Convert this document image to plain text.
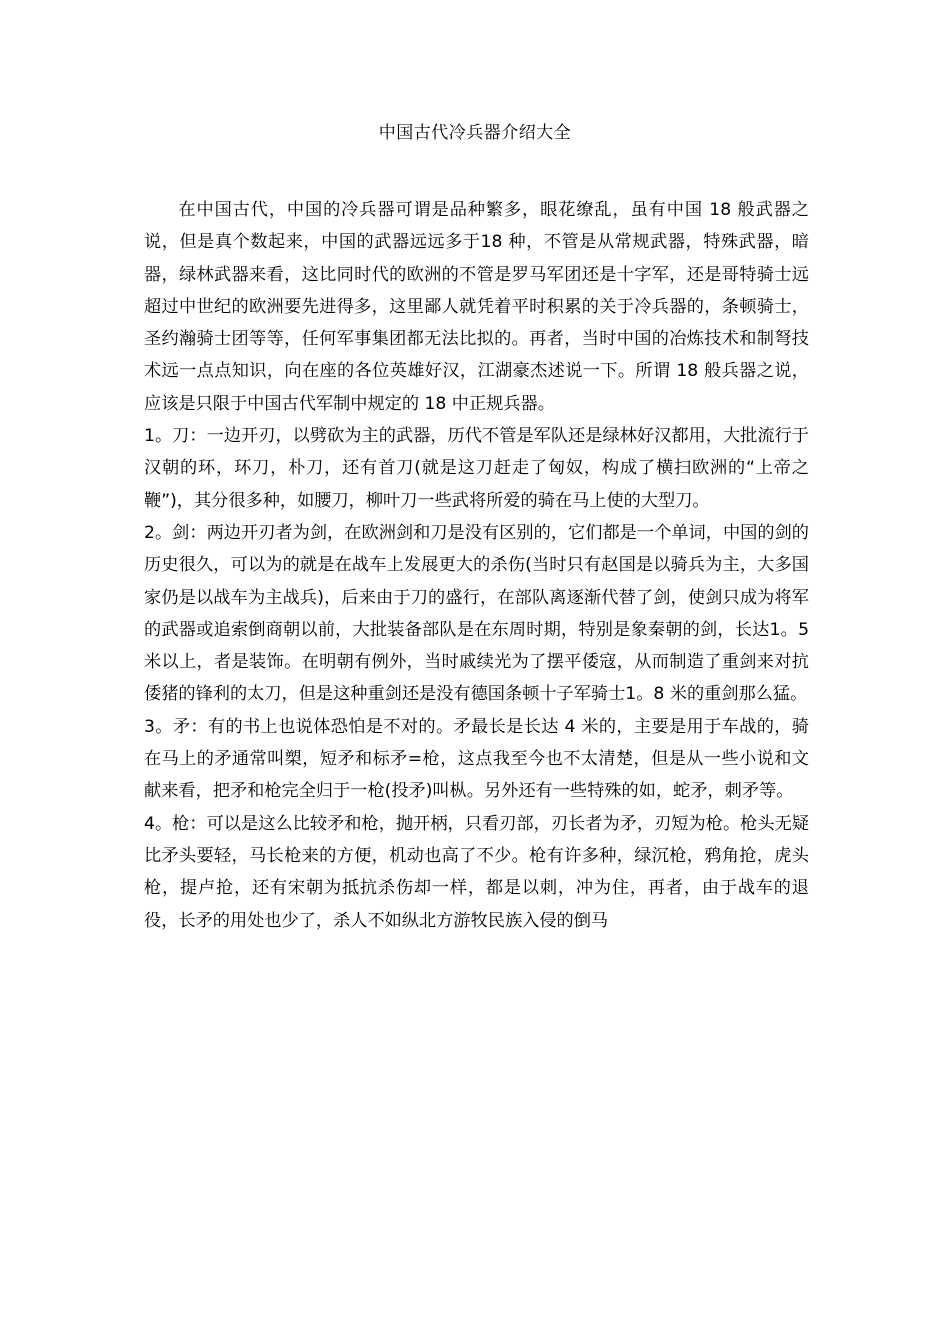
中国古代冷兵器介绍大全

在中国古代，中国的冷兵器可谓是品种繁多，眼花缭乱，虽有中国 18 般武器之说，但是真个数起来，中国的武器远远多于18 种，不管是从常规武器，特殊武器，暗器，绿林武器来看，这比同时代的欧洲的不管是罗马军团还是十字军，还是哥特骑士远超过中世纪的欧洲要先进得多，这里鄙人就凭着平时积累的关于冷兵器的，条顿骑士，圣约瀚骑士团等等，任何军事集团都无法比拟的。再者，当时中国的冶炼技术和制弩技术远一点点知识，向在座的各位英雄好汉，江湖豪杰述说一下。所谓 18 般兵器之说，应该是只限于中国古代军制中规定的 18 中正规兵器。

1。刀：一边开刃，以劈砍为主的武器，历代不管是军队还是绿林好汉都用，大批流行于汉朝的环，环刀，朴刀，还有首刀(就是这刀赶走了匈奴，构成了横扫欧洲的“上帝之鞭”)，其分很多种，如腰刀，柳叶刀一些武将所爱的骑在马上使的大型刀。

2。剑：两边开刃者为剑，在欧洲剑和刀是没有区别的，它们都是一个单词，中国的剑的历史很久，可以为的就是在战车上发展更大的杀伤(当时只有赵国是以骑兵为主，大多国家仍是以战车为主战兵)，后来由于刀的盛行，在部队离逐渐代替了剑，使剑只成为将军的武器或追索倒商朝以前，大批装备部队是在东周时期，特别是象秦朝的剑，长达1。5 米以上，者是装饰。在明朝有例外，当时戚续光为了摆平倭寇，从而制造了重剑来对抗倭猪的锋利的太刀，但是这种重剑还是没有德国条顿十子军骑士1。8 米的重剑那么猛。

3。矛：有的书上也说体恐怕是不对的。矛最长是长达 4 米的，主要是用于车战的，骑在马上的矛通常叫槊，短矛和标矛=枪，这点我至今也不太清楚，但是从一些小说和文献来看，把矛和枪完全归于一枪(投矛)叫枞。另外还有一些特殊的如，蛇矛，刺矛等。

4。枪：可以是这么比较矛和枪，抛开柄，只看刃部，刃长者为矛，刃短为枪。枪头无疑比矛头要轻，马长枪来的方便，机动也高了不少。枪有许多种，绿沉枪，鸦角抢，虎头枪，提卢抢，还有宋朝为抵抗杀伤却一样，都是以刺，冲为住，再者，由于战车的退役，长矛的用处也少了，杀人不如纵北方游牧民族入侵的倒马
